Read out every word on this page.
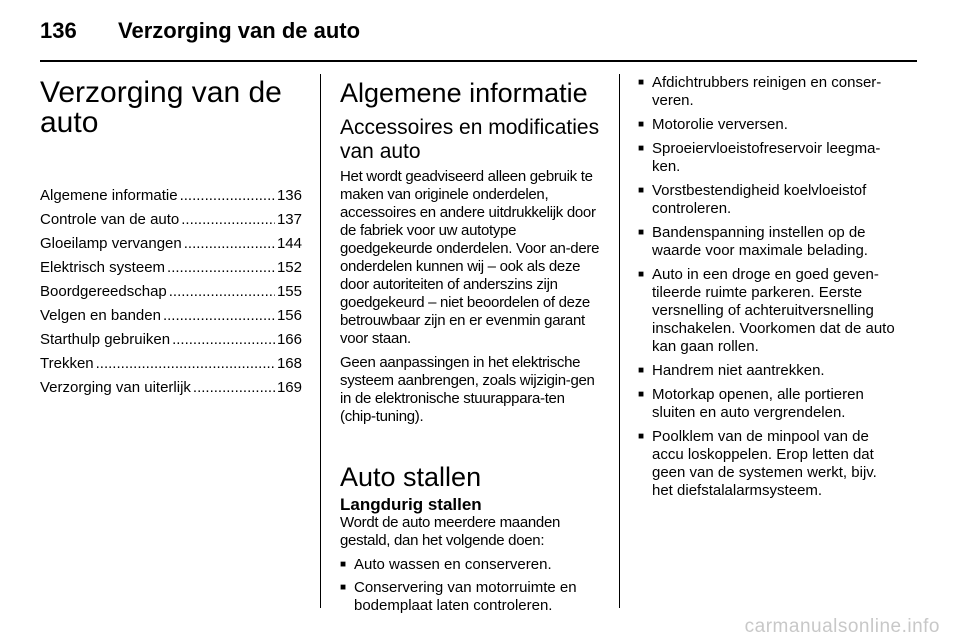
136 Verzorging van de auto
Verzorging van de auto
Algemene informatie .....	136
Controle van de auto .....	137
Gloeilamp vervangen .....	144
Elektrisch systeem .....	152
Boordgereedschap .....	155
Velgen en banden .....	156
Starthulp gebruiken .....	166
Trekken .....	168
Verzorging van uiterlijk .....	169
Algemene informatie
Accessoires en modificaties van auto

Het wordt geadviseerd alleen gebruik te maken van originele onderdelen, accessoires en andere uitdrukkelijk door de fabriek voor uw autotype goedgekeurde onderdelen. Voor an-dere onderdelen kunnen wij – ook als deze door autoriteiten of anderszins zijn goedgekeurd – niet beoordelen of deze betrouwbaar zijn en er evenmin garant voor staan.

Geen aanpassingen in het elektrische systeem aanbrengen, zoals wijzigin-gen in de elektronische stuurappara-ten (chip-tuning).

Auto stallen
Langdurig stallen

Wordt de auto meerdere maanden gestald, dan het volgende doen:

■ Auto wassen en conserveren.
■ Conservering van motorruimte en bodemplaat laten controleren.
■ Afdichtrubbers reinigen en conser-veren.
■ Motorolie verversen.
■ Sproeiervloeistofreservoir leegma-ken.
■ Vorstbestendigheid koelvloeistof controleren.
■ Bandenspanning instellen op de waarde voor maximale belading.
■ Auto in een droge en goed geven-tileerde ruimte parkeren. Eerste versnelling of achteruitversnelling inschakelen. Voorkomen dat de auto kan gaan rollen.
■ Handrem niet aantrekken.
■ Motorkap openen, alle portieren sluiten en auto vergrendelen.
■ Poolklem van de minpool van de accu loskoppelen. Erop letten dat geen van de systemen werkt, bijv. het diefstalalarmsysteem.
carmanualsonline.info
